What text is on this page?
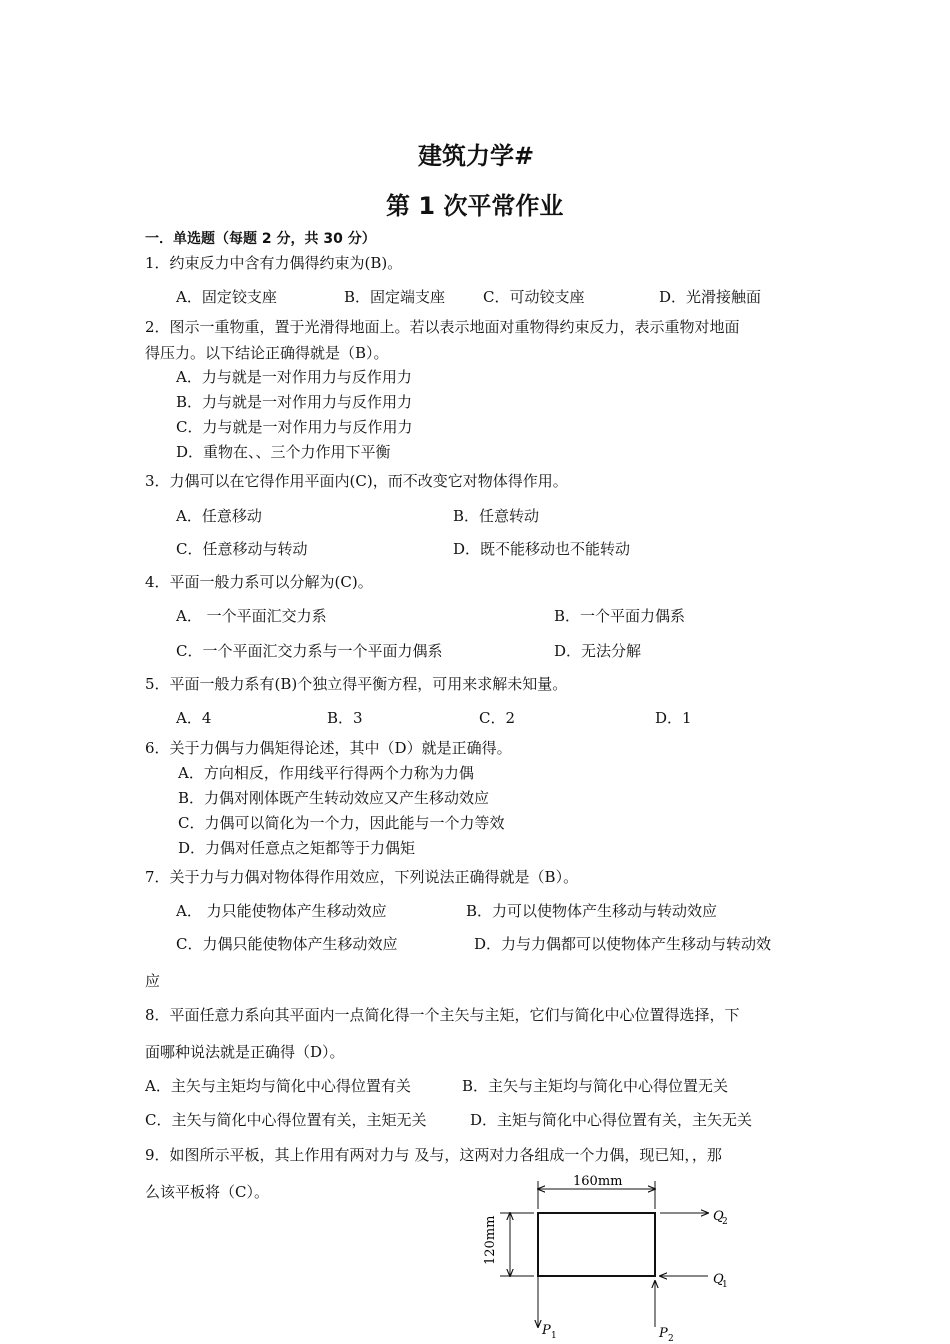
建筑力学#
第 1 次平常作业
一．单选题（每题 2 分，共 30 分）
1．约束反力中含有力偶得约束为(B)。
A．固定铰支座	B．固定端支座	C．可动铰支座	D．光滑接触面
2．图示一重物重，置于光滑得地面上。若以表示地面对重物得约束反力，表示重物对地面
得压力。以下结论正确得就是（B）。
A．力与就是一对作用力与反作用力
B．力与就是一对作用力与反作用力
C．力与就是一对作用力与反作用力
D．重物在、、三个力作用下平衡
3．力偶可以在它得作用平面内(C)，而不改变它对物体得作用。
A．任意移动	B．任意转动
C．任意移动与转动	D．既不能移动也不能转动
4．平面一般力系可以分解为(C)。
A． 一个平面汇交力系	B．一个平面力偶系
C．一个平面汇交力系与一个平面力偶系	D．无法分解
5．平面一般力系有(B)个独立得平衡方程，可用来求解未知量。
A．4	B．3	C．2	D．1
6．关于力偶与力偶矩得论述，其中（D）就是正确得。
A．方向相反，作用线平行得两个力称为力偶
B．力偶对刚体既产生转动效应又产生移动效应
C．力偶可以简化为一个力，因此能与一个力等效
D．力偶对任意点之矩都等于力偶矩
7．关于力与力偶对物体得作用效应，下列说法正确得就是（B）。
A． 力只能使物体产生移动效应	B．力可以使物体产生移动与转动效应
C．力偶只能使物体产生移动效应	D．力与力偶都可以使物体产生移动与转动效
应
8．平面任意力系向其平面内一点简化得一个主矢与主矩，它们与简化中心位置得选择，下
面哪种说法就是正确得（D）。
A．主矢与主矩均与简化中心得位置有关	B．主矢与主矩均与简化中心得位置无关
C．主矢与简化中心得位置有关，主矩无关	D．主矩与简化中心得位置有关，主矢无关
9．如图所示平板，其上作用有两对力与 及与，这两对力各组成一个力偶，现已知，，那
么该平板将（C）。
160mm
120mm	Q
2
Q
1
P 1	P 2
